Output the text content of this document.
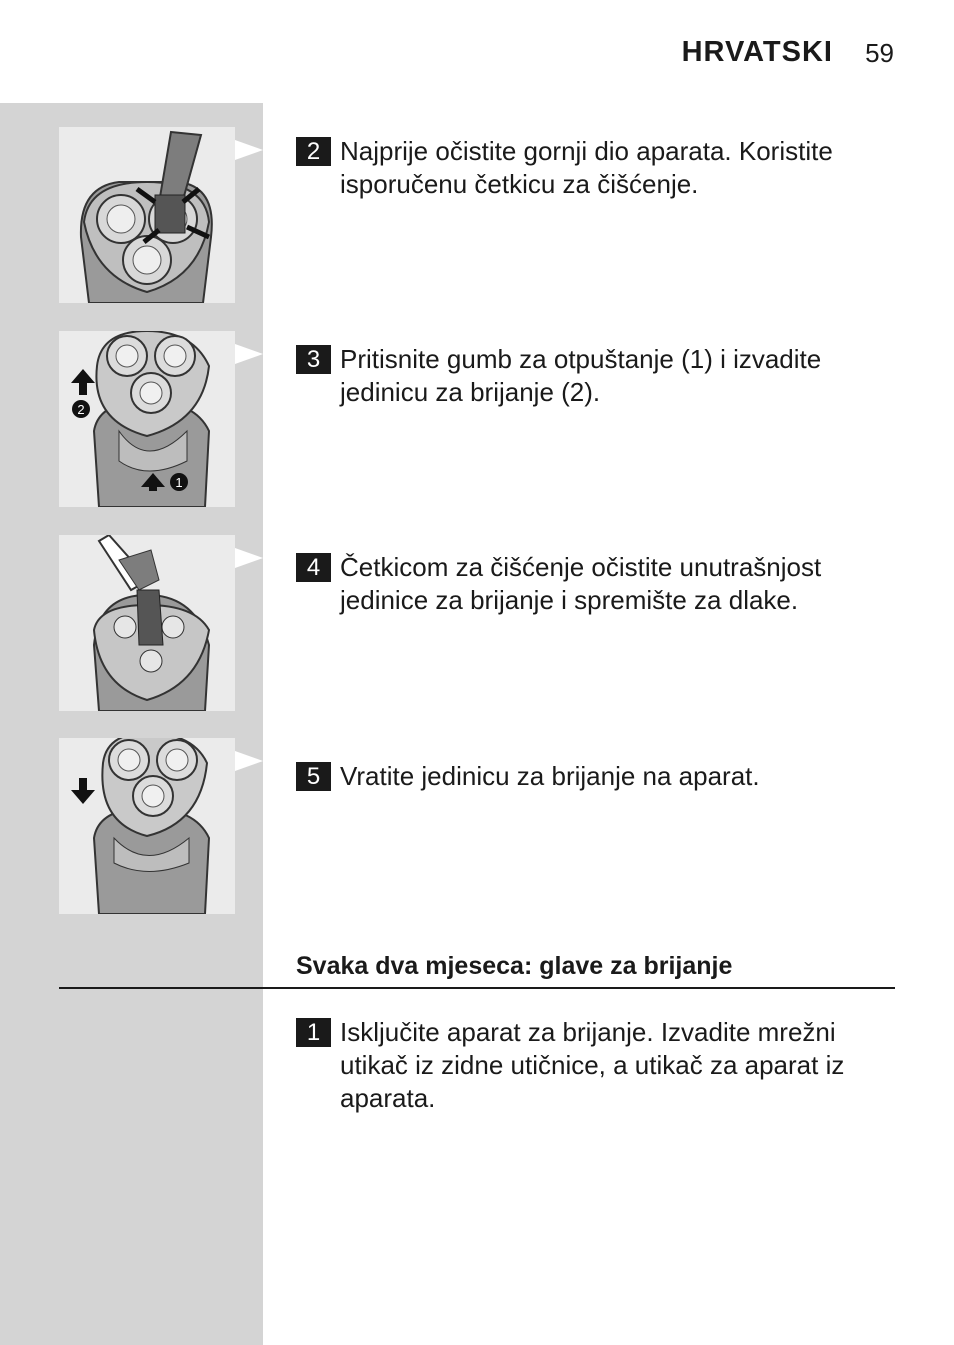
HRVATSKI 59
2
1
2 Najprije očistite gornji dio aparata. Koristite isporučenu četkicu za čišćenje.
3 Pritisnite gumb za otpuštanje (1) i izvadite jedinicu za brijanje (2).
4 Četkicom za čišćenje očistite unutrašnjost jedinice za brijanje i spremište za dlake.
5 Vratite jedinicu za brijanje na aparat.
Svaka dva mjeseca: glave za brijanje
1 Isključite aparat za brijanje. Izvadite mrežni utikač iz zidne utičnice, a utikač za aparat iz aparata.
